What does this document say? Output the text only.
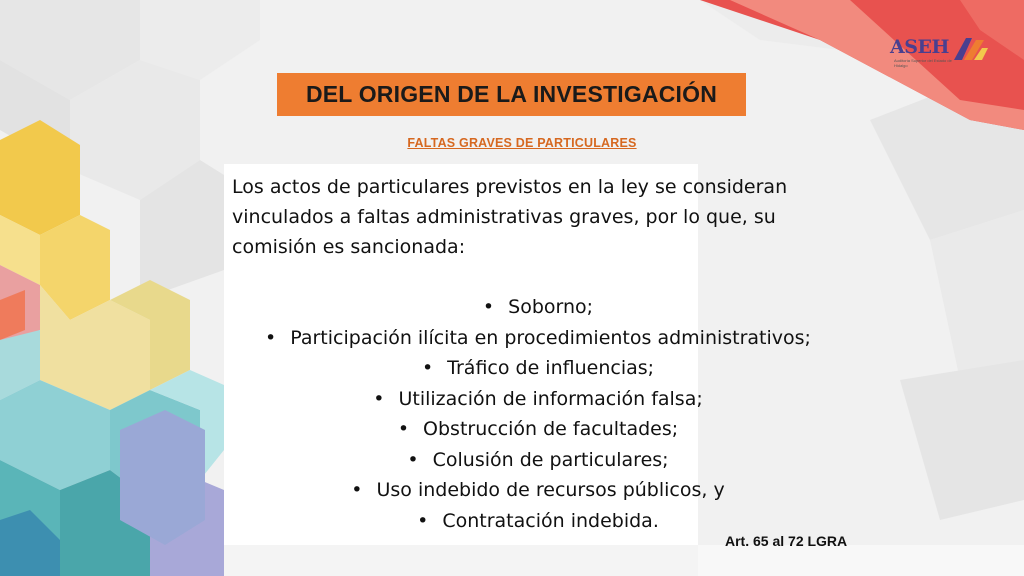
ASEH
Auditoría Superior del Estado de Hidalgo
DEL ORIGEN DE LA INVESTIGACIÓN
FALTAS GRAVES DE PARTICULARES
Los actos de particulares previstos en la ley se consideran vinculados a faltas administrativas graves, por lo que, su comisión es sancionada:
• Soborno;
• Participación ilícita en procedimientos administrativos;
• Tráfico de influencias;
• Utilización de información falsa;
• Obstrucción de facultades;
• Colusión de particulares;
• Uso indebido de recursos públicos, y
• Contratación indebida.
Art. 65 al 72 LGRA
